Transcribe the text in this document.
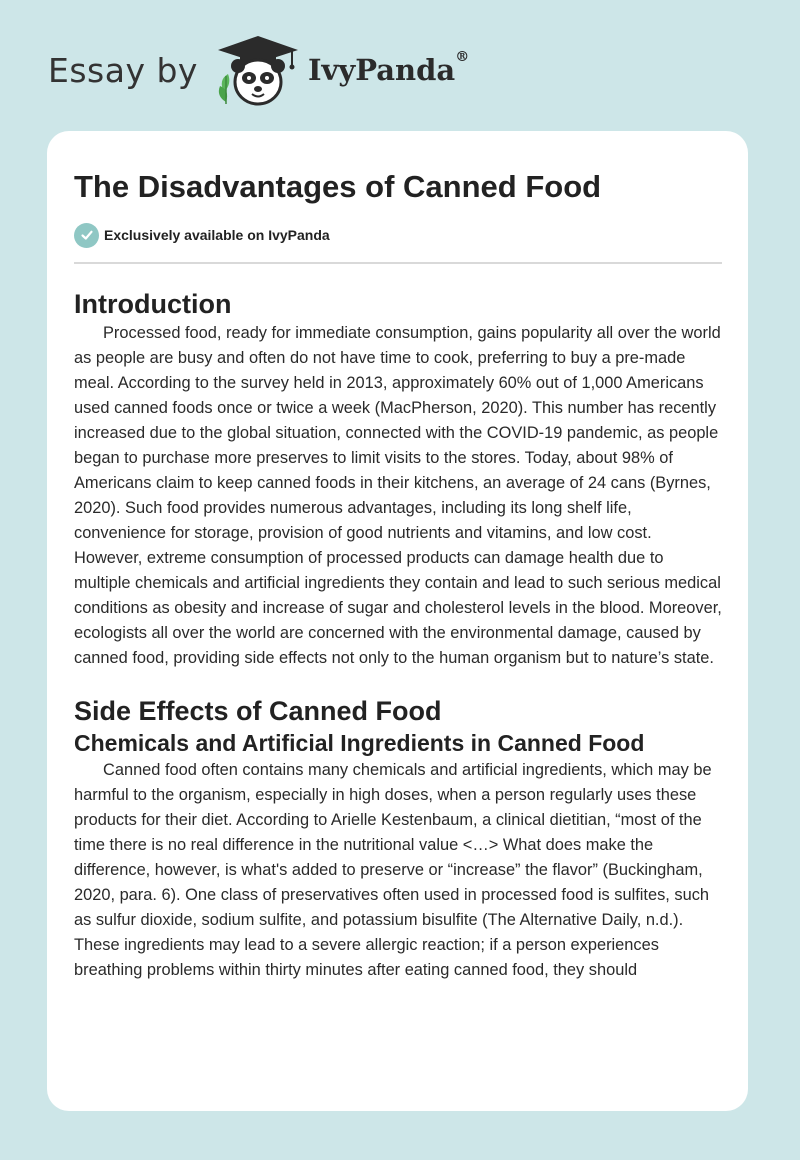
Essay by	IvyPanda®
The Disadvantages of Canned Food
Exclusively available on IvyPanda
Introduction

Processed food, ready for immediate consumption, gains popularity all over the world as people are busy and often do not have time to cook, preferring to buy a pre-made meal. According to the survey held in 2013, approximately 60% out of 1,000 Americans used canned foods once or twice a week (MacPherson, 2020). This number has recently increased due to the global situation, connected with the COVID-19 pandemic, as people began to purchase more preserves to limit visits to the stores. Today, about 98% of Americans claim to keep canned foods in their kitchens, an average of 24 cans (Byrnes, 2020). Such food provides numerous advantages, including its long shelf life, convenience for storage, provision of good nutrients and vitamins, and low cost. However, extreme consumption of processed products can damage health due to multiple chemicals and artificial ingredients they contain and lead to such serious medical conditions as obesity and increase of sugar and cholesterol levels in the blood. Moreover, ecologists all over the world are concerned with the environmental damage, caused by canned food, providing side effects not only to the human organism but to nature’s state.

Side Effects of Canned Food
Chemicals and Artificial Ingredients in Canned Food

Canned food often contains many chemicals and artificial ingredients, which may be harmful to the organism, especially in high doses, when a person regularly uses these products for their diet. According to Arielle Kestenbaum, a clinical dietitian, “most of the time there is no real difference in the nutritional value <…> What does make the difference, however, is what's added to preserve or “increase” the flavor” (Buckingham, 2020, para. 6). One class of preservatives often used in processed food is sulfites, such as sulfur dioxide, sodium sulfite, and potassium bisulfite (The Alternative Daily, n.d.). These ingredients may lead to a severe allergic reaction; if a person experiences breathing problems within thirty minutes after eating canned food, they should
